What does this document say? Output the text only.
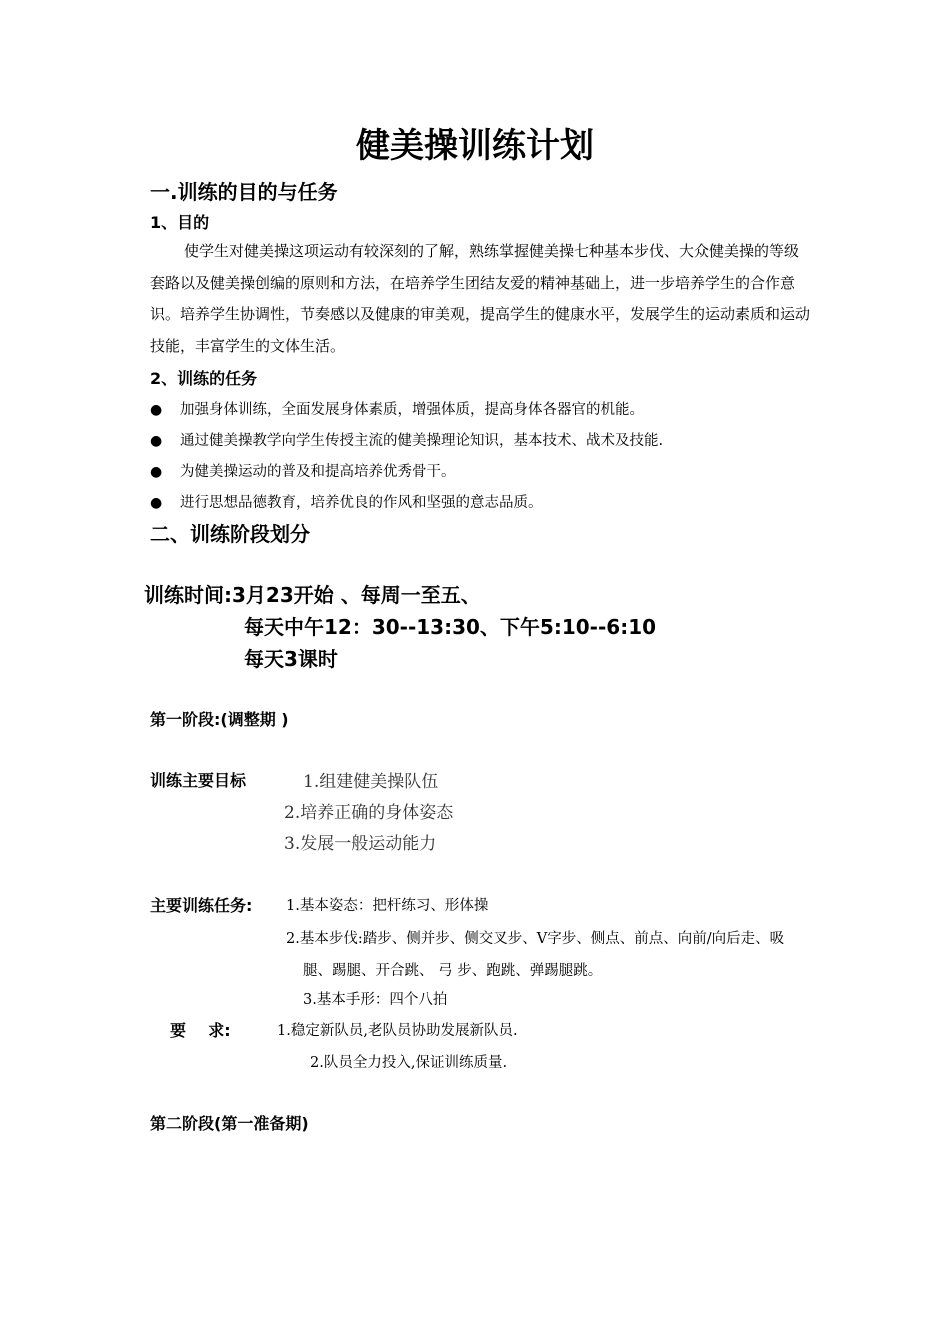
健美操训练计划
一.训练的目的与任务
1、目的
使学生对健美操这项运动有较深刻的了解，熟练掌握健美操七种基本步伐、大众健美操的等级套路以及健美操创编的原则和方法，在培养学生团结友爱的精神基础上，进一步培养学生的合作意识。培养学生协调性，节奏感以及健康的审美观，提高学生的健康水平，发展学生的运动素质和运动技能，丰富学生的文体生活。
2、训练的任务
● 加强身体训练，全面发展身体素质，增强体质，提高身体各器官的机能。
● 通过健美操教学向学生传授主流的健美操理论知识，基本技术、战术及技能.
● 为健美操运动的普及和提高培养优秀骨干。
● 进行思想品德教育，培养优良的作风和坚强的意志品质。
二、训练阶段划分
训练时间:3月23开始 、每周一至五、
每天中午12：30--13:30、下午5:10--6:10
每天3课时
第一阶段:(调整期 )
训练主要目标	1.组建健美操队伍
2.培养正确的身体姿态
3.发展一般运动能力
主要训练任务: 1.基本姿态：把杆练习、形体操
2.基本步伐:踏步、侧并步、侧交叉步、V字步、侧点、前点、向前/向后走、吸
腿、踢腿、开合跳、 弓 步、跑跳、弹踢腿跳。
3.基本手形：四个八拍
要    求:	1.稳定新队员,老队员协助发展新队员.
2.队员全力投入,保证训练质量.
第二阶段(第一准备期)
